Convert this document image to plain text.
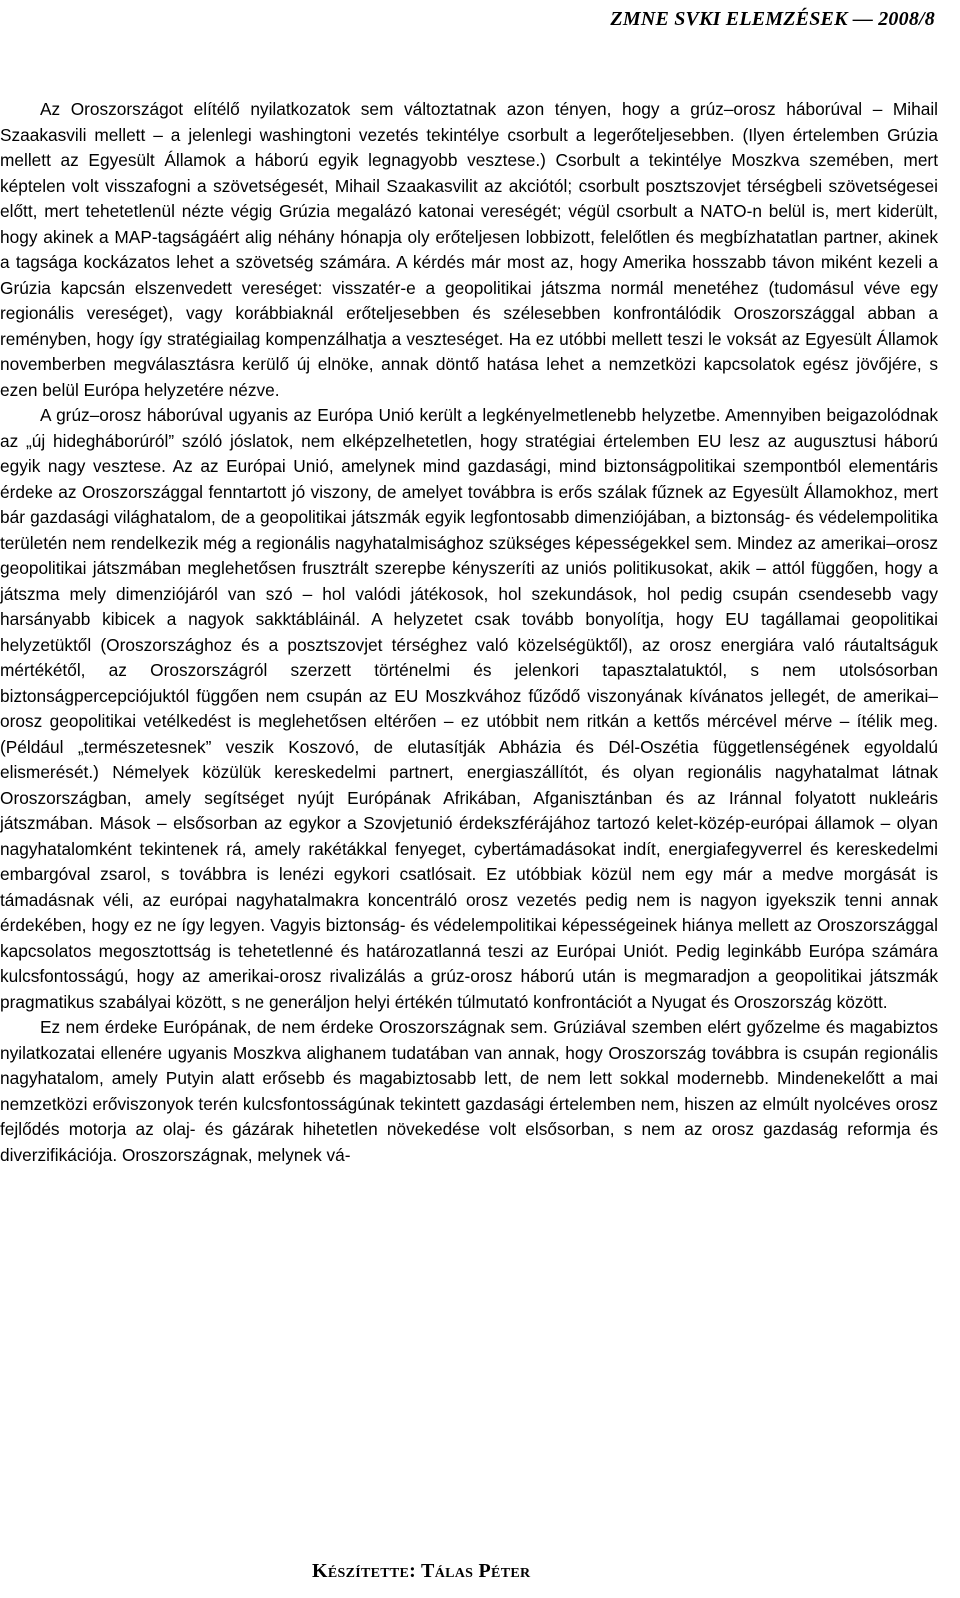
ZMNE SVKI ELEMZÉSEK — 2008/8

Az Oroszországot elítélő nyilatkozatok sem változtatnak azon tényen, hogy a grúz–orosz háborúval – Mihail Szaakasvili mellett – a jelenlegi washingtoni vezetés tekintélye csorbult a legerőteljesebben. (Ilyen értelemben Grúzia mellett az Egyesült Államok a háború egyik legnagyobb vesztese.) Csorbult a tekintélye Moszkva szemében, mert képtelen volt visszafogni a szövetségesét, Mihail Szaakasvilit az akciótól; csorbult posztszovjet térségbeli szövetségesei előtt, mert tehetetlenül nézte végig Grúzia megalázó katonai vereségét; végül csorbult a NATO-n belül is, mert kiderült, hogy akinek a MAP-tagságáért alig néhány hónapja oly erőteljesen lobbizott, felelőtlen és megbízhatatlan partner, akinek a tagsága kockázatos lehet a szövetség számára. A kérdés már most az, hogy Amerika hosszabb távon miként kezeli a Grúzia kapcsán elszenvedett vereséget: visszatér-e a geopolitikai játszma normál menetéhez (tudomásul véve egy regionális vereséget), vagy korábbiaknál erőteljesebben és szélesebben konfrontálódik Oroszországgal abban a reményben, hogy így stratégiailag kompenzálhatja a veszteséget. Ha ez utóbbi mellett teszi le voksát az Egyesült Államok novemberben megválasztásra kerülő új elnöke, annak döntő hatása lehet a nemzetközi kapcsolatok egész jövőjére, s ezen belül Európa helyzetére nézve.

A grúz–orosz háborúval ugyanis az Európa Unió került a legkényelmetlenebb helyzetbe. Amennyiben beigazolódnak az „új hidegháborúról” szóló jóslatok, nem elképzelhetetlen, hogy stratégiai értelemben EU lesz az augusztusi háború egyik nagy vesztese. Az az Európai Unió, amelynek mind gazdasági, mind biztonságpolitikai szempontból elementáris érdeke az Oroszországgal fenntartott jó viszony, de amelyet továbbra is erős szálak fűznek az Egyesült Államokhoz, mert bár gazdasági világhatalom, de a geopolitikai játszmák egyik legfontosabb dimenziójában, a biztonság- és védelempolitika területén nem rendelkezik még a regionális nagyhatalmisághoz szükséges képességekkel sem. Mindez az amerikai–orosz geopolitikai játszmában meglehetősen frusztrált szerepbe kényszeríti az uniós politikusokat, akik – attól függően, hogy a játszma mely dimenziójáról van szó – hol valódi játékosok, hol szekundások, hol pedig csupán csendesebb vagy harsányabb kibicek a nagyok sakktábláinál. A helyzetet csak tovább bonyolítja, hogy EU tagállamai geopolitikai helyzetüktől (Oroszországhoz és a posztszovjet térséghez való közelségüktől), az orosz energiára való ráutaltságuk mértékétől, az Oroszországról szerzett történelmi és jelenkori tapasztalatuktól, s nem utolsósorban biztonságpercepciójuktól függően nem csupán az EU Moszkvához fűződő viszonyának kívánatos jellegét, de amerikai–orosz geopolitikai vetélkedést is meglehetősen eltérően – ez utóbbit nem ritkán a kettős mércével mérve – ítélik meg. (Például „természetesnek” veszik Koszovó, de elutasítják Abházia és Dél-Oszétia függetlenségének egyoldalú elismerését.) Némelyek közülük kereskedelmi partnert, energiaszállítót, és olyan regionális nagyhatalmat látnak Oroszországban, amely segítséget nyújt Európának Afrikában, Afganisztánban és az Iránnal folyatott nukleáris játszmában. Mások – elsősorban az egykor a Szovjetunió érdekszférájához tartozó kelet-közép-európai államok – olyan nagyhatalomként tekintenek rá, amely rakétákkal fenyeget, cybertámadásokat indít, energiafegyverrel és kereskedelmi embargóval zsarol, s továbbra is lenézi egykori csatlósait. Ez utóbbiak közül nem egy már a medve morgását is támadásnak véli, az európai nagyhatalmakra koncentráló orosz vezetés pedig nem is nagyon igyekszik tenni annak érdekében, hogy ez ne így legyen. Vagyis biztonság- és védelempolitikai képességeinek hiánya mellett az Oroszországgal kapcsolatos megosztottság is tehetetlenné és határozatlanná teszi az Európai Uniót. Pedig leginkább Európa számára kulcsfontosságú, hogy az amerikai-orosz rivalizálás a grúz-orosz háború után is megmaradjon a geopolitikai játszmák pragmatikus szabályai között, s ne generáljon helyi értékén túlmutató konfrontációt a Nyugat és Oroszország között.

Ez nem érdeke Európának, de nem érdeke Oroszországnak sem. Grúziával szemben elért győzelme és magabiztos nyilatkozatai ellenére ugyanis Moszkva alighanem tudatában van annak, hogy Oroszország továbbra is csupán regionális nagyhatalom, amely Putyin alatt erősebb és magabiztosabb lett, de nem lett sokkal modernebb. Mindenekelőtt a mai nemzetközi erőviszonyok terén kulcsfontosságúnak tekintett gazdasági értelemben nem, hiszen az elmúlt nyolcéves orosz fejlődés motorja az olaj- és gázárak hihetetlen növekedése volt elsősorban, s nem az orosz gazdaság reformja és diverzifikációja. Oroszországnak, melynek vá-

Készítette: Tálas Péter
